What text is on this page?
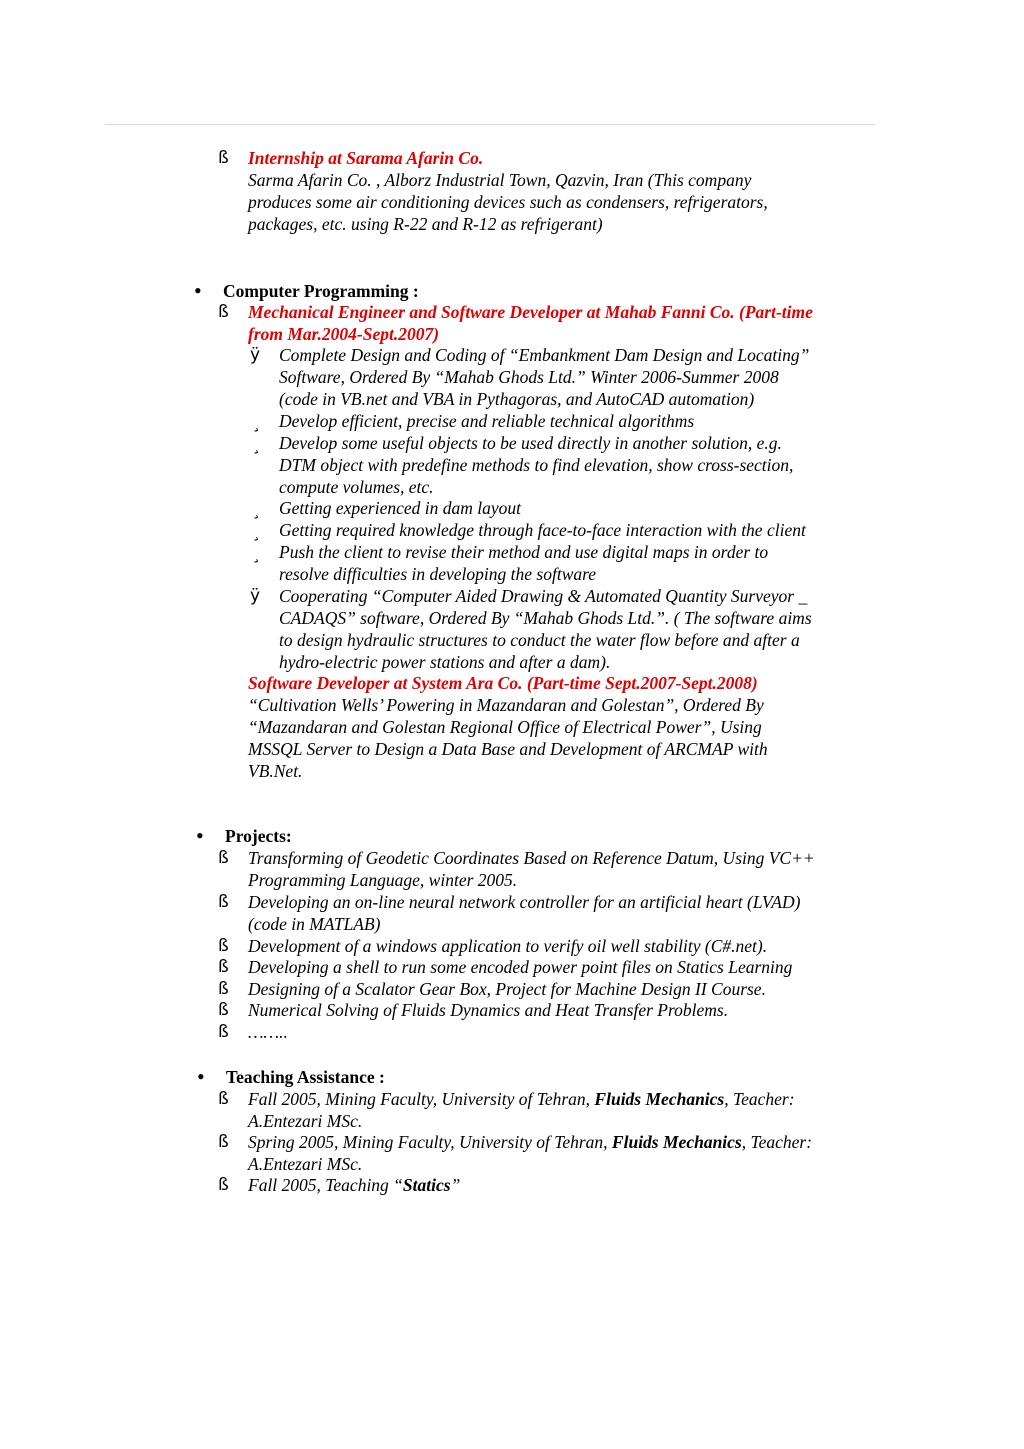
ß Internship at Sarama Afarin Co.
Sarma Afarin Co. , Alborz Industrial Town, Qazvin, Iran (This company
produces some air conditioning devices such as condensers, refrigerators,
packages, etc. using R-22 and R-12 as refrigerant)
• Computer Programming :
ß Mechanical Engineer and Software Developer at Mahab Fanni Co. (Part-time
from Mar.2004-Sept.2007)
ÿ Complete Design and Coding of “Embankment Dam Design and Locating”
Software, Ordered By “Mahab Ghods Ltd.” Winter 2006-Summer 2008
(code in VB.net and VBA in Pythagoras, and AutoCAD automation)
¸ Develop efficient, precise and reliable technical algorithms
¸ Develop some useful objects to be used directly in another solution, e.g.
DTM object with predefine methods to find elevation, show cross-section,
compute volumes, etc.
¸ Getting experienced in dam layout
¸ Getting required knowledge through face-to-face interaction with the client
¸ Push the client to revise their method and use digital maps in order to
resolve difficulties in developing the software
ÿ Cooperating “Computer Aided Drawing & Automated Quantity Surveyor _
CADAQS” software, Ordered By “Mahab Ghods Ltd.”. ( The software aims
to design hydraulic structures to conduct the water flow before and after a
hydro-electric power stations and after a dam).
Software Developer at System Ara Co. (Part-time Sept.2007-Sept.2008)
“Cultivation Wells’ Powering in Mazandaran and Golestan”, Ordered By
“Mazandaran and Golestan Regional Office of Electrical Power”, Using
MSSQL Server to Design a Data Base and Development of ARCMAP with
VB.Net.
• Projects:
ß Transforming of Geodetic Coordinates Based on Reference Datum, Using VC++
Programming Language, winter 2005.
ß Developing an on-line neural network controller for an artificial heart (LVAD)
(code in MATLAB)
ß Development of a windows application to verify oil well stability (C#.net).
ß Developing a shell to run some encoded power point files on Statics Learning
ß Designing of a Scalator Gear Box, Project for Machine Design II Course.
ß Numerical Solving of Fluids Dynamics and Heat Transfer Problems.
ß ……..
• Teaching Assistance :
ß Fall 2005, Mining Faculty, University of Tehran, Fluids Mechanics, Teacher:
A.Entezari MSc.
ß Spring 2005, Mining Faculty, University of Tehran, Fluids Mechanics, Teacher:
A.Entezari MSc.
ß Fall 2005, Teaching “Statics”
